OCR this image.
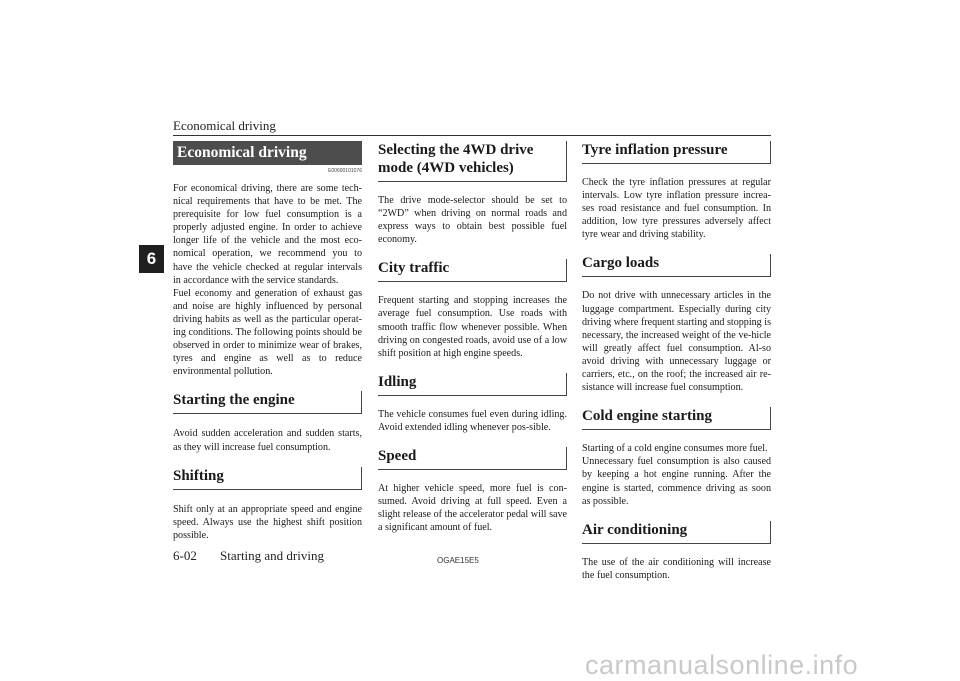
Economical driving
6
Economical driving
E00600101076

For economical driving, there are some tech-nical requirements that have to be met. The prerequisite for low fuel consumption is a properly adjusted engine. In order to achieve longer life of the vehicle and the most eco-nomical operation, we recommend you to have the vehicle checked at regular intervals in accordance with the service standards.

Fuel economy and generation of exhaust gas and noise are highly influenced by personal driving habits as well as the particular operat-ing conditions. The following points should be observed in order to minimize wear of brakes, tyres and engine as well as to reduce environmental pollution.

Starting the engine

Avoid sudden acceleration and sudden starts, as they will increase fuel consumption.

Shifting

Shift only at an appropriate speed and engine speed. Always use the highest shift position possible.

Selecting the 4WD drive mode (4WD vehicles)

The drive mode-selector should be set to “2WD” when driving on normal roads and express ways to obtain best possible fuel economy.

City traffic

Frequent starting and stopping increases the average fuel consumption. Use roads with smooth traffic flow whenever possible. When driving on congested roads, avoid use of a low shift position at high engine speeds.

Idling

The vehicle consumes fuel even during idling. Avoid extended idling whenever pos-sible.

Speed

At higher vehicle speed, more fuel is con-sumed. Avoid driving at full speed. Even a slight release of the accelerator pedal will save a significant amount of fuel.

Tyre inflation pressure

Check the tyre inflation pressures at regular intervals. Low tyre inflation pressure increa-ses road resistance and fuel consumption. In addition, low tyre pressures adversely affect tyre wear and driving stability.

Cargo loads

Do not drive with unnecessary articles in the luggage compartment. Especially during city driving where frequent starting and stopping is necessary, the increased weight of the ve-hicle will greatly affect fuel consumption. Al-so avoid driving with unnecessary luggage or carriers, etc., on the roof; the increased air re-sistance will increase fuel consumption.

Cold engine starting

Starting of a cold engine consumes more fuel.

Unnecessary fuel consumption is also caused by keeping a hot engine running. After the engine is started, commence driving as soon as possible.

Air conditioning

The use of the air conditioning will increase the fuel consumption.

6-02 Starting and driving	OGAE15E5
carmanualsonline.info
